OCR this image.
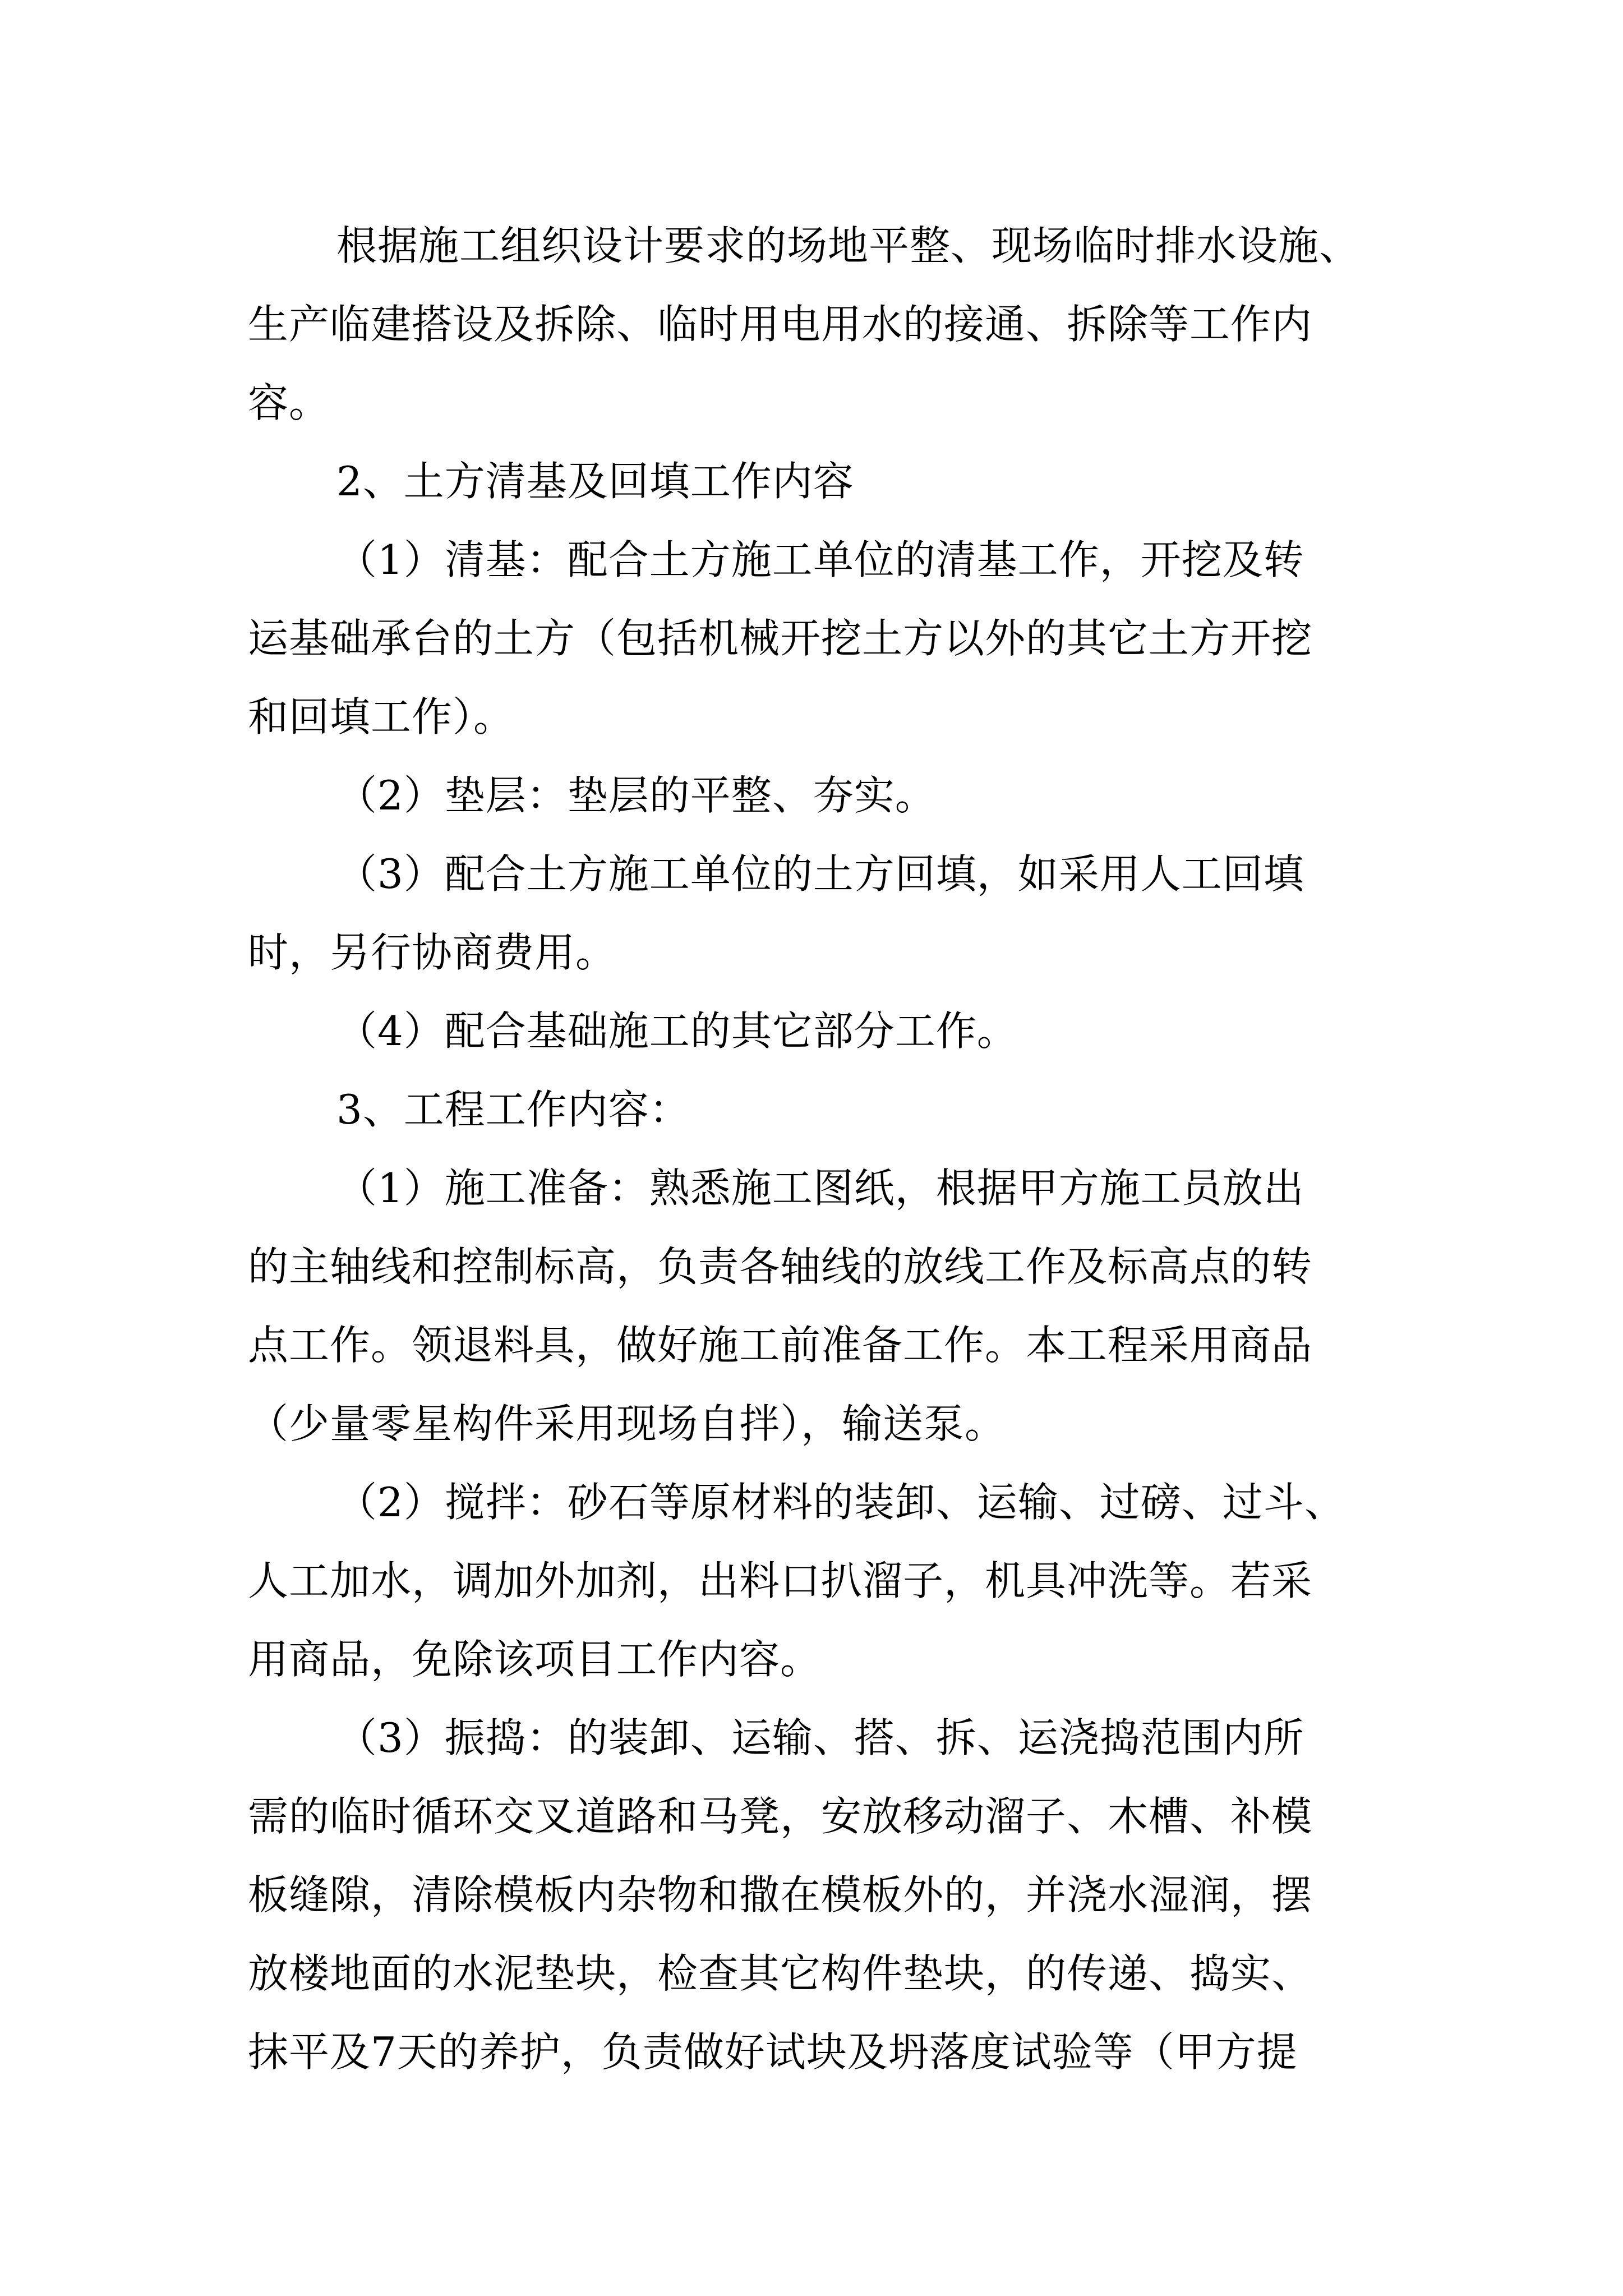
根据施工组织设计要求的场地平整、现场临时排水设施、
生产临建搭设及拆除、临时用电用水的接通、拆除等工作内
容。
2、土方清基及回填工作内容
（1）清基：配合土方施工单位的清基工作，开挖及转
运基础承台的土方（包括机械开挖土方以外的其它土方开挖
和回填工作）。
（2）垫层：垫层的平整、夯实。
（3）配合土方施工单位的土方回填，如采用人工回填
时，另行协商费用。
（4）配合基础施工的其它部分工作。
3、工程工作内容：
（1）施工准备：熟悉施工图纸，根据甲方施工员放出
的主轴线和控制标高，负责各轴线的放线工作及标高点的转
点工作。领退料具，做好施工前准备工作。本工程采用商品
（少量零星构件采用现场自拌），输送泵。
（2）搅拌：砂石等原材料的装卸、运输、过磅、过斗、
人工加水，调加外加剂，出料口扒溜子，机具冲洗等。若采
用商品，免除该项目工作内容。
（3）振捣：的装卸、运输、搭、拆、运浇捣范围内所
需的临时循环交叉道路和马凳，安放移动溜子、木槽、补模
板缝隙，清除模板内杂物和撒在模板外的，并浇水湿润，摆
放楼地面的水泥垫块，检查其它构件垫块，的传递、捣实、
抹平及7天的养护，负责做好试块及坍落度试验等（甲方提
